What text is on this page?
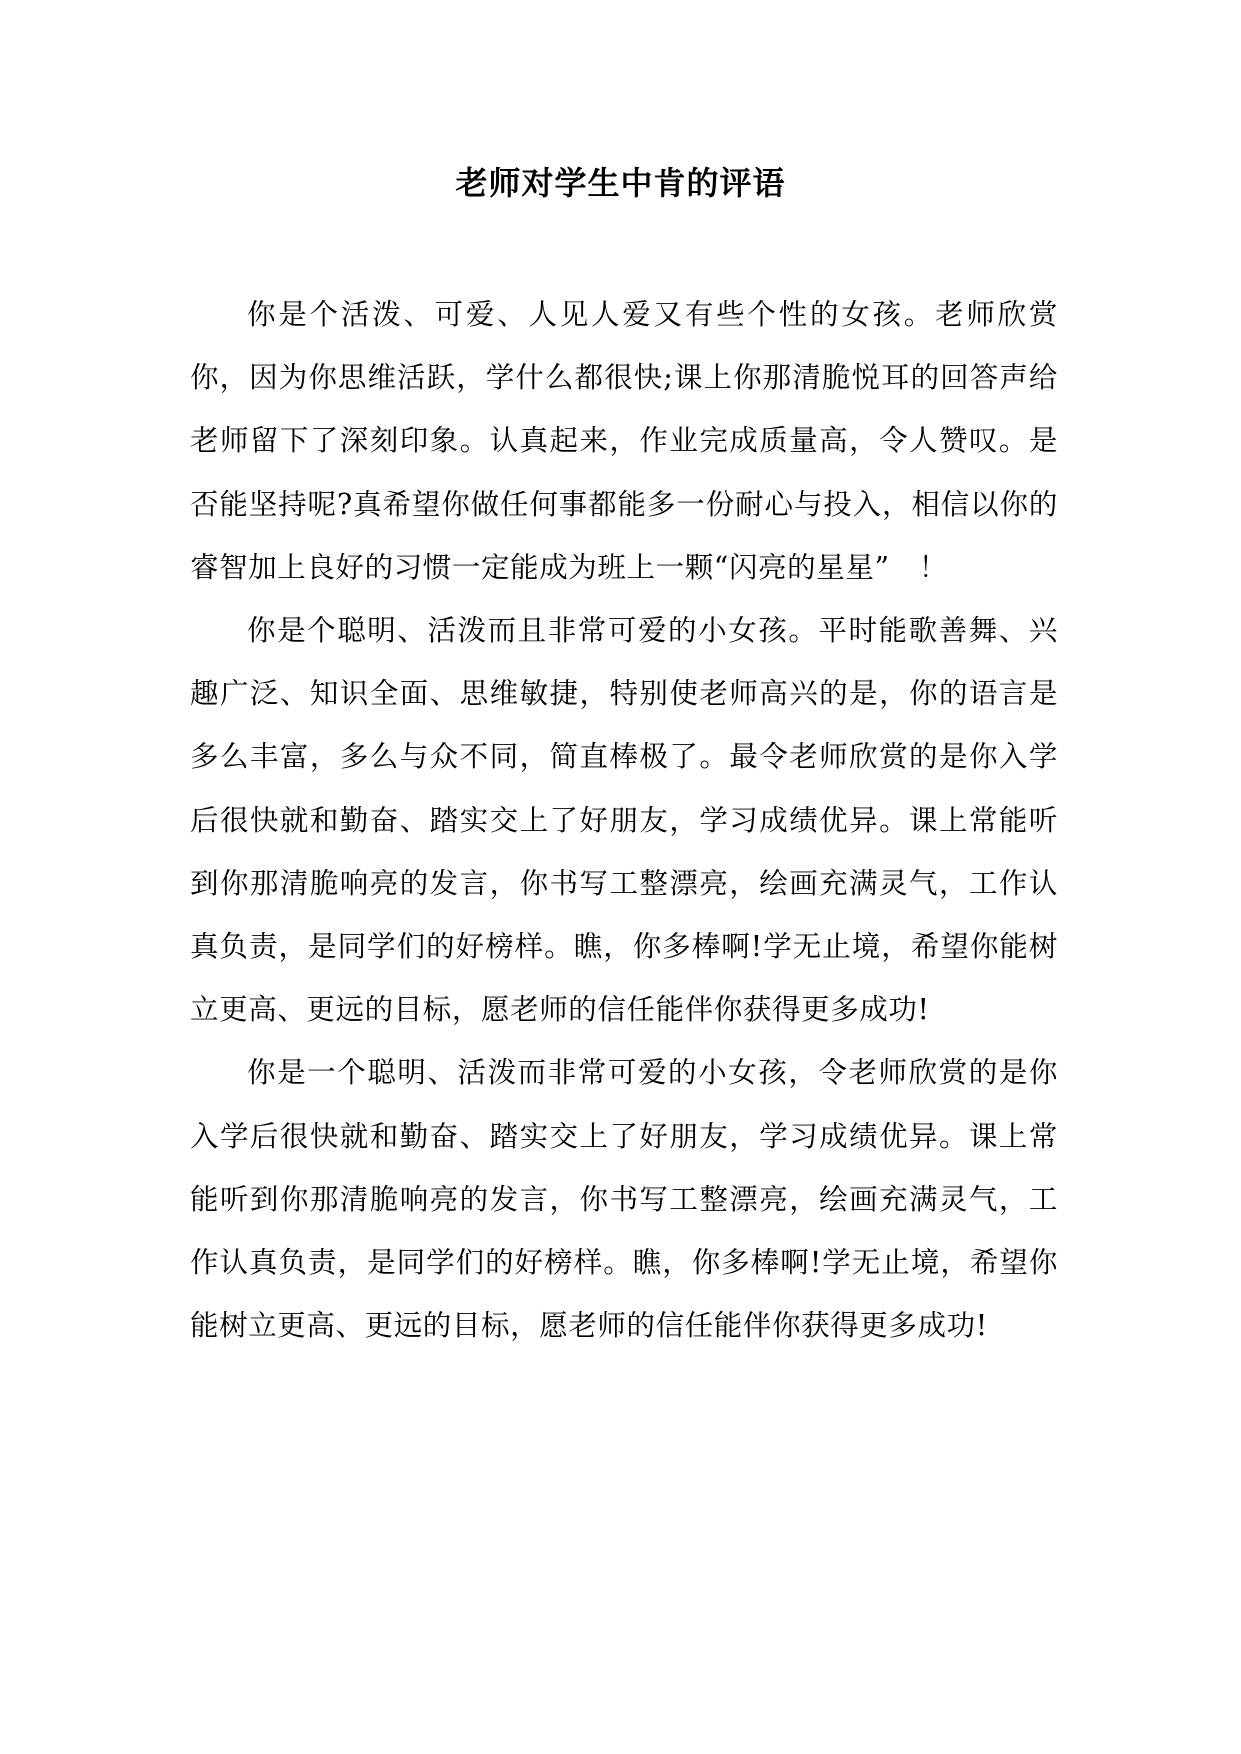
老师对学生中肯的评语

你是个活泼、可爱、人见人爱又有些个性的女孩。老师欣赏你，因为你思维活跃，学什么都很快;课上你那清脆悦耳的回答声给老师留下了深刻印象。认真起来，作业完成质量高，令人赞叹。是否能坚持呢?真希望你做任何事都能多一份耐心与投入，相信以你的睿智加上良好的习惯一定能成为班上一颗“闪亮的星星”　！

你是个聪明、活泼而且非常可爱的小女孩。平时能歌善舞、兴趣广泛、知识全面、思维敏捷，特别使老师高兴的是，你的语言是多么丰富，多么与众不同，简直棒极了。最令老师欣赏的是你入学后很快就和勤奋、踏实交上了好朋友，学习成绩优异。课上常能听到你那清脆响亮的发言，你书写工整漂亮，绘画充满灵气，工作认真负责，是同学们的好榜样。瞧，你多棒啊!学无止境，希望你能树立更高、更远的目标，愿老师的信任能伴你获得更多成功!

你是一个聪明、活泼而非常可爱的小女孩，令老师欣赏的是你入学后很快就和勤奋、踏实交上了好朋友，学习成绩优异。课上常能听到你那清脆响亮的发言，你书写工整漂亮，绘画充满灵气，工作认真负责，是同学们的好榜样。瞧，你多棒啊!学无止境，希望你能树立更高、更远的目标，愿老师的信任能伴你获得更多成功!
